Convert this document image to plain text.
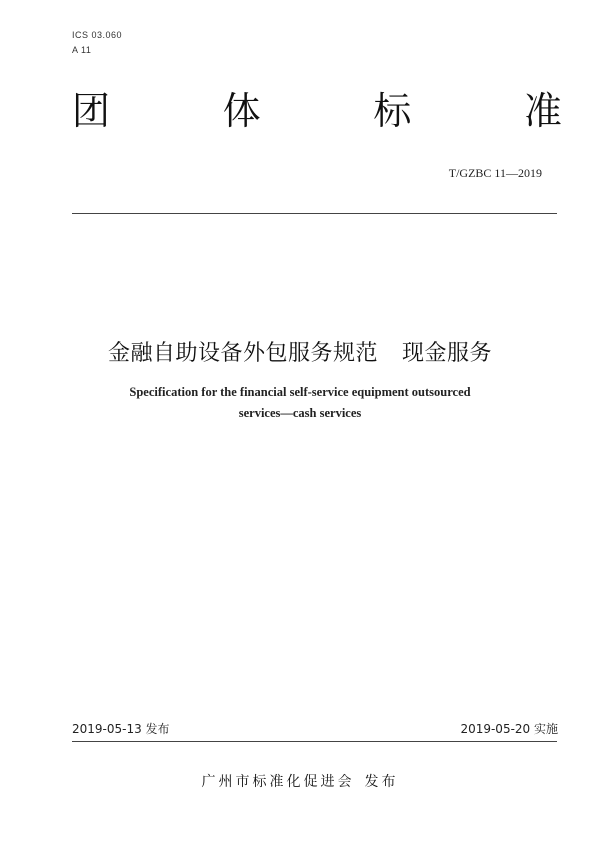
ICS 03.060
A 11
团	体	标	准
T/GZBC 11—2019
金融自助设备外包服务规范 现金服务
Specification for the financial self-service equipment outsourced
services—cash services
2019-05-13 发布	2019-05-20 实施
广州市标准化促进会 发布
